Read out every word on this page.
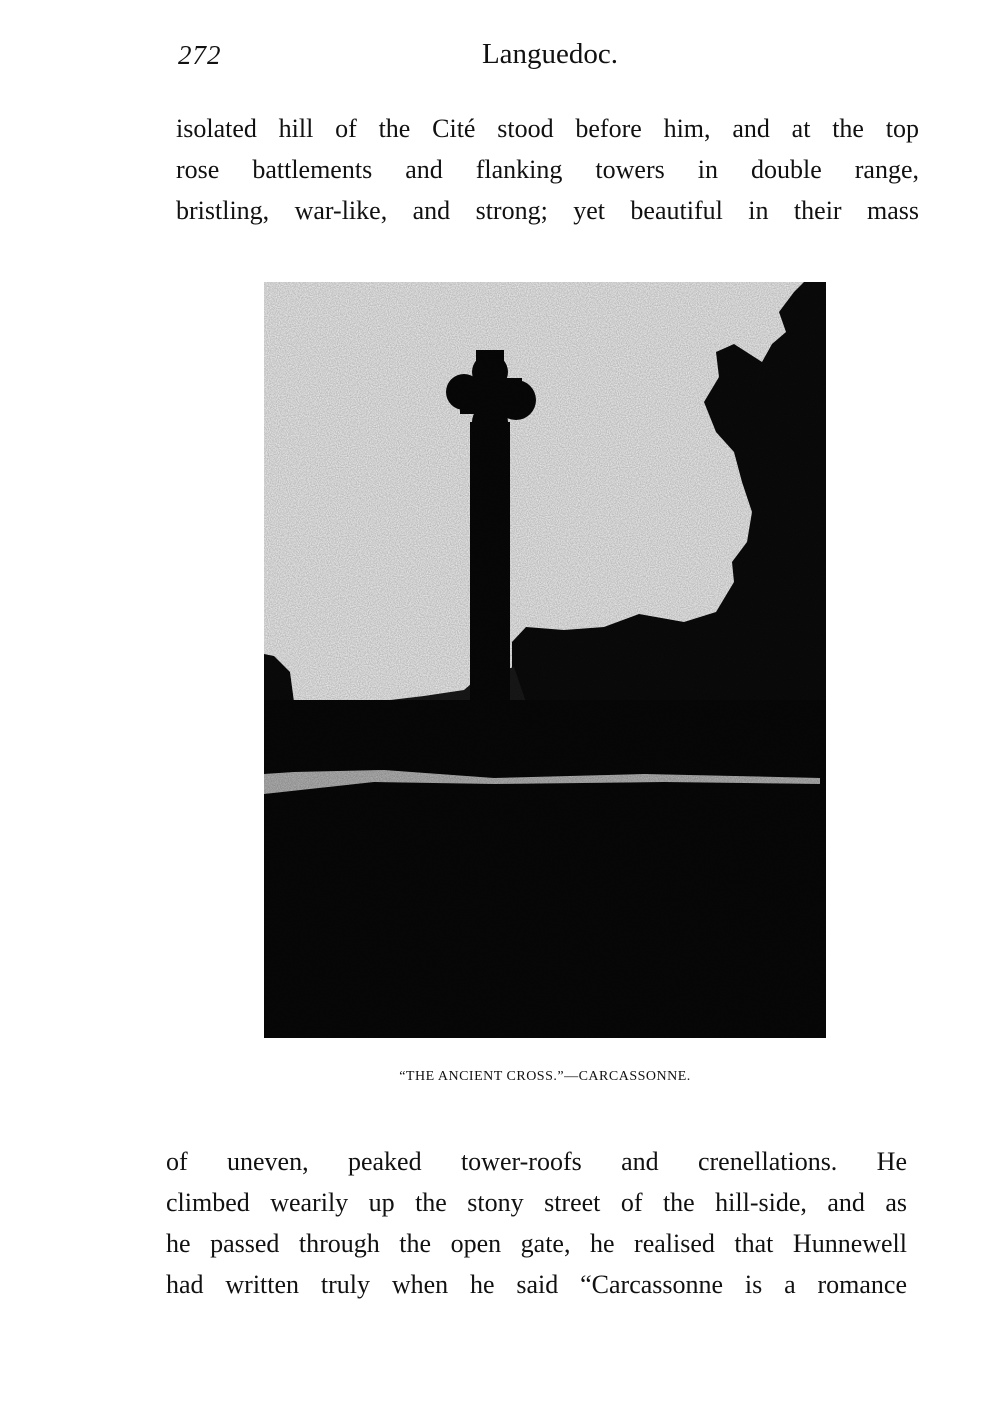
272	Languedoc.
isolated hill of the Cité stood before him, and at the top
rose battlements and flanking towers in double range,
bristling, war-like, and strong; yet beautiful in their mass
“THE ANCIENT CROSS.”—CARCASSONNE.
of uneven, peaked tower-roofs and crenellations. He
climbed wearily up the stony street of the hill-side, and as
he passed through the open gate, he realised that Hunnewell
had written truly when he said “Carcassonne is a romance
